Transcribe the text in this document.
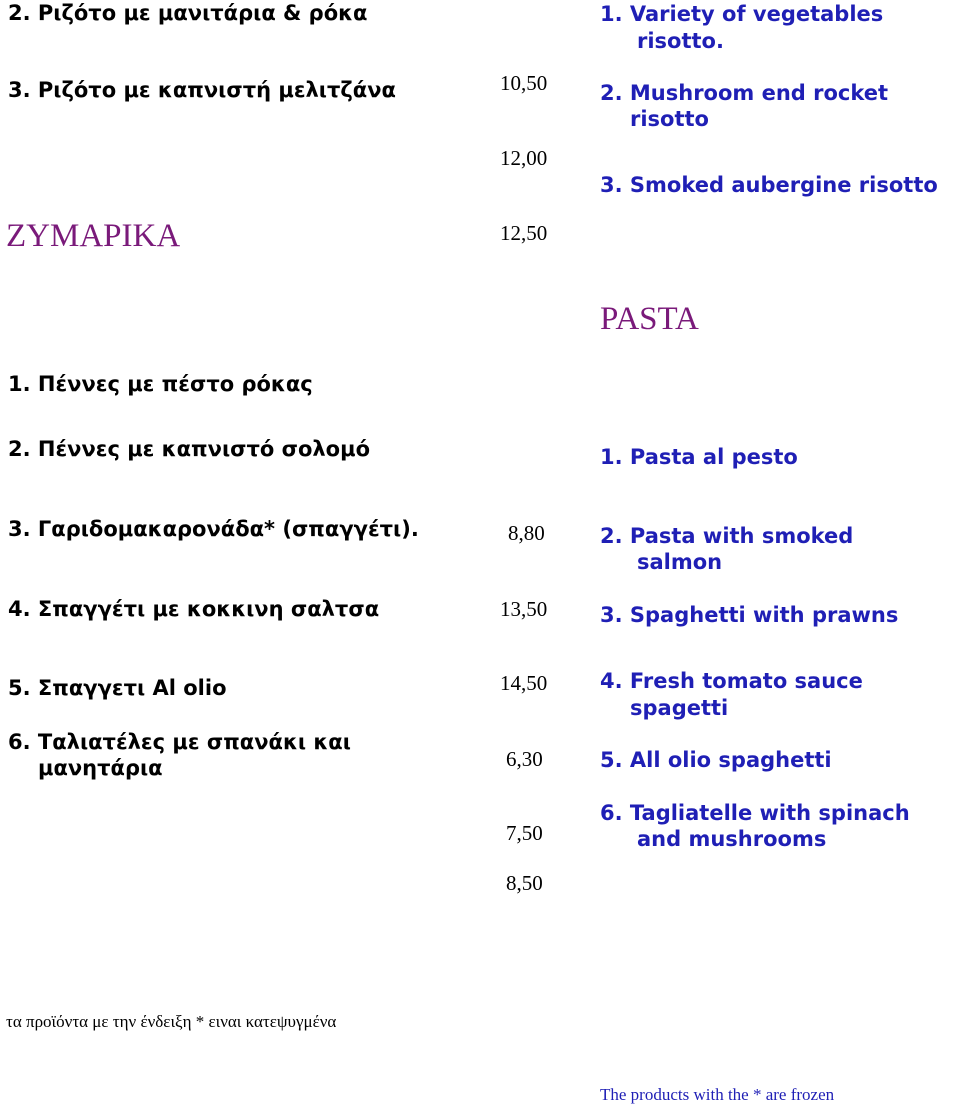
2. Ριζότο με μανιτάρια & ρόκα
3. Ριζότο με καπνιστή μελιτζάνα
ΖΥΜΑΡΙΚΑ
1. Πέννες με πέστο ρόκας
2. Πέννες με καπνιστό σολομό
3. Γαριδομακαρονάδα* (σπαγγέτι).
4. Σπαγγέτι με κοκκινη σαλτσα
5. Σπαγγετι Al olio
6. Ταλιατέλες με σπανάκι και
μανητάρια
10,50
12,00
12,50
8,80
13,50
14,50
6,30
7,50
8,50
1. Variety of vegetables
risotto.
2. Mushroom end rocket
risotto
3. Smoked aubergine risotto
PASTA
1. Pasta al pesto
2. Pasta with smoked
salmon
3. Spaghetti with prawns
4. Fresh tomato sauce
spagetti
5. All olio spaghetti
6. Tagliatelle with spinach
and mushrooms
τα προϊόντα με την ένδειξη * ειναι κατεψυγμένα
The products with the * are frozen
